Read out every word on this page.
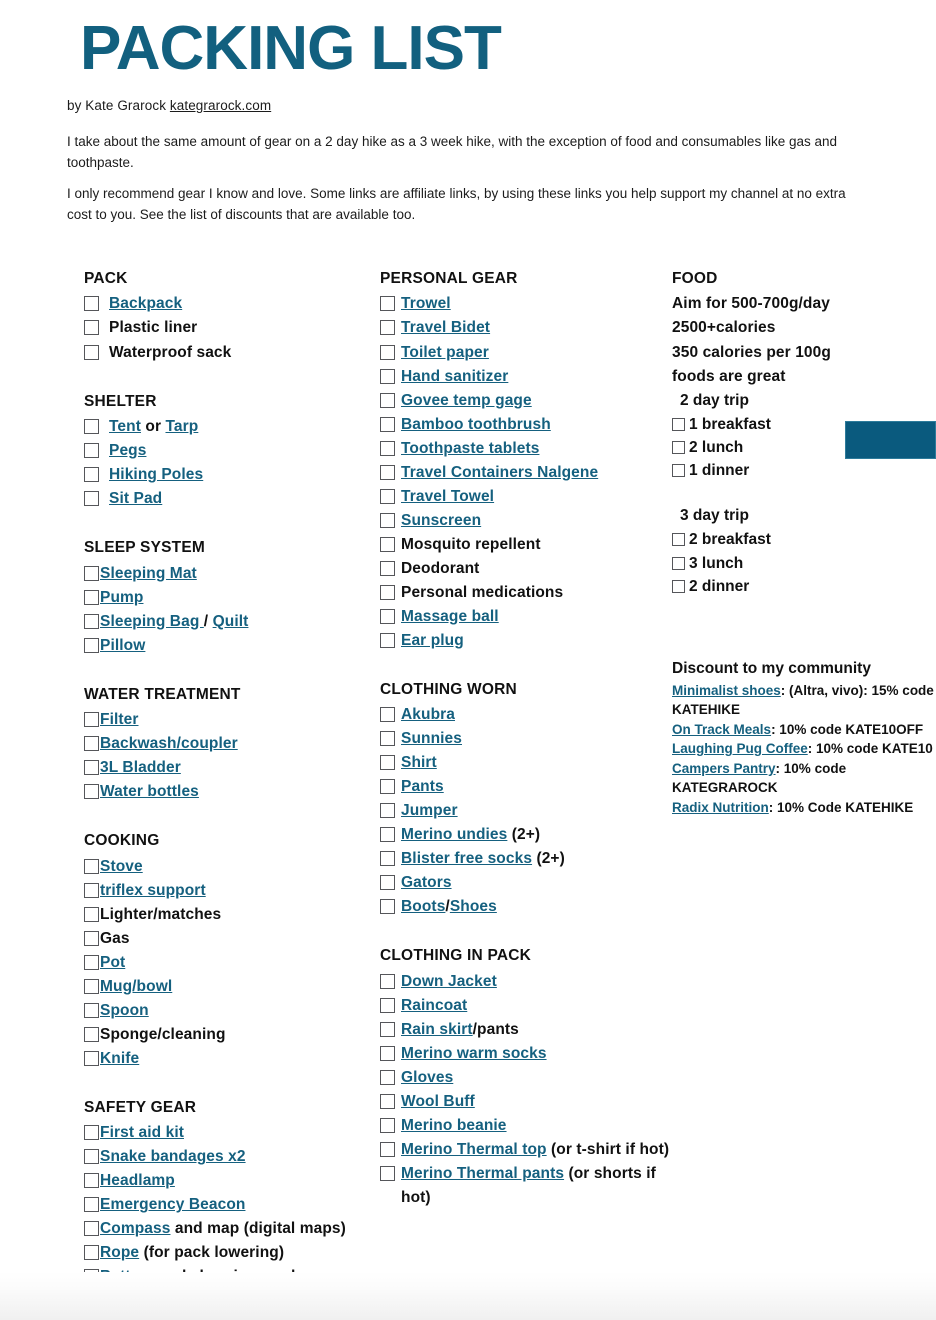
PACKING LIST
by Kate Grarock kategrarock.com
I take about the same amount of gear on a 2 day hike as a 3 week hike, with the exception of food and consumables like gas and toothpaste.
I only recommend gear I know and love. Some links are affiliate links, by using these links you help support my channel at no extra cost to you. See the list of discounts that are available too.
PACK
Backpack
Plastic liner
Waterproof sack
SHELTER
Tent or Tarp
Pegs
Hiking Poles
Sit Pad
SLEEP SYSTEM
Sleeping Mat
Pump
Sleeping Bag / Quilt
Pillow
WATER TREATMENT
Filter
Backwash/coupler
3L Bladder
Water bottles
COOKING
Stove
triflex support
Lighter/matches
Gas
Pot
Mug/bowl
Spoon
Sponge/cleaning
Knife
SAFETY GEAR
First aid kit
Snake bandages x2
Headlamp
Emergency Beacon
Compass and map (digital maps)
Rope (for pack lowering)
PERSONAL GEAR
Trowel
Travel Bidet
Toilet paper
Hand sanitizer
Govee temp gage
Bamboo toothbrush
Toothpaste tablets
Travel Containers Nalgene
Travel Towel
Sunscreen
Mosquito repellent
Deodorant
Personal medications
Massage ball
Ear plug
CLOTHING WORN
Akubra
Sunnies
Shirt
Pants
Jumper
Merino undies (2+)
Blister free socks (2+)
Gators
Boots/Shoes
CLOTHING IN PACK
Down Jacket
Raincoat
Rain skirt/pants
Merino warm socks
Gloves
Wool Buff
Merino beanie
Merino Thermal top (or t-shirt if hot)
Merino Thermal pants (or shorts if hot)
FOOD
Aim for 500-700g/day
2500+calories
350 calories per 100g
foods are great
2 day trip
1 breakfast
2 lunch
1 dinner
3 day trip
2 breakfast
3 lunch
2 dinner
Discount to my community
Minimalist shoes: (Altra, vivo): 15% code KATEHIKE
On Track Meals: 10% code KATE10OFF
Laughing Pug Coffee: 10% code KATE10
Campers Pantry: 10% code KATEGRAROCK
Radix Nutrition: 10% Code KATEHIKE
